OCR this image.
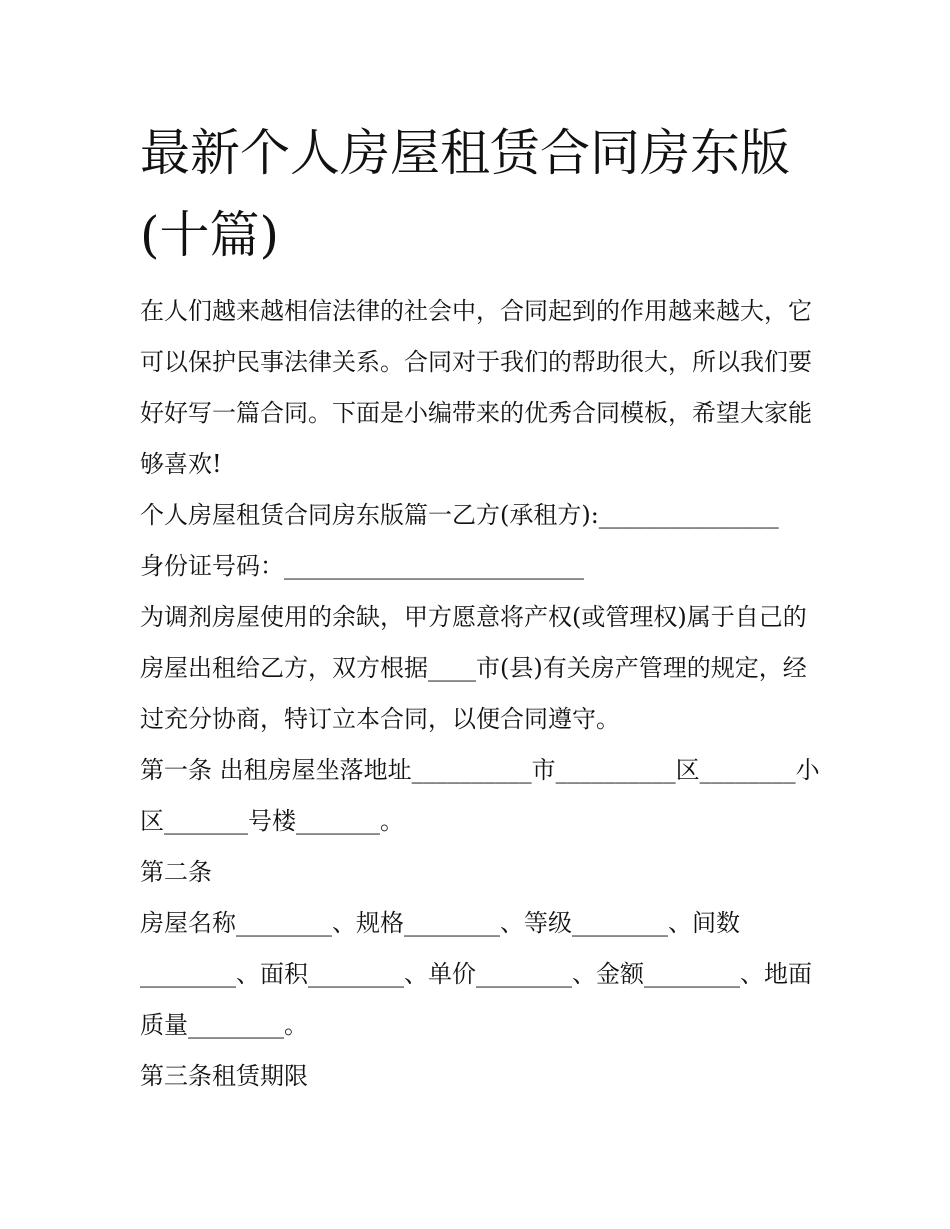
最新个人房屋租赁合同房东版(十篇)

在人们越来越相信法律的社会中，合同起到的作用越来越大，它可以保护民事法律关系。合同对于我们的帮助很大，所以我们要好好写一篇合同。下面是小编带来的优秀合同模板，希望大家能够喜欢!

个人房屋租赁合同房东版篇一乙方(承租方):_______________

身份证号码：_________________________

为调剂房屋使用的余缺，甲方愿意将产权(或管理权)属于自己的房屋出租给乙方，双方根据____市(县)有关房产管理的规定，经过充分协商，特订立本合同，以便合同遵守。

第一条 出租房屋坐落地址__________市__________区________小区_______号楼_______。

第二条

房屋名称________、规格________、等级________、间数________、面积________、单价________、金额________、地面质量________。

第三条租赁期限
